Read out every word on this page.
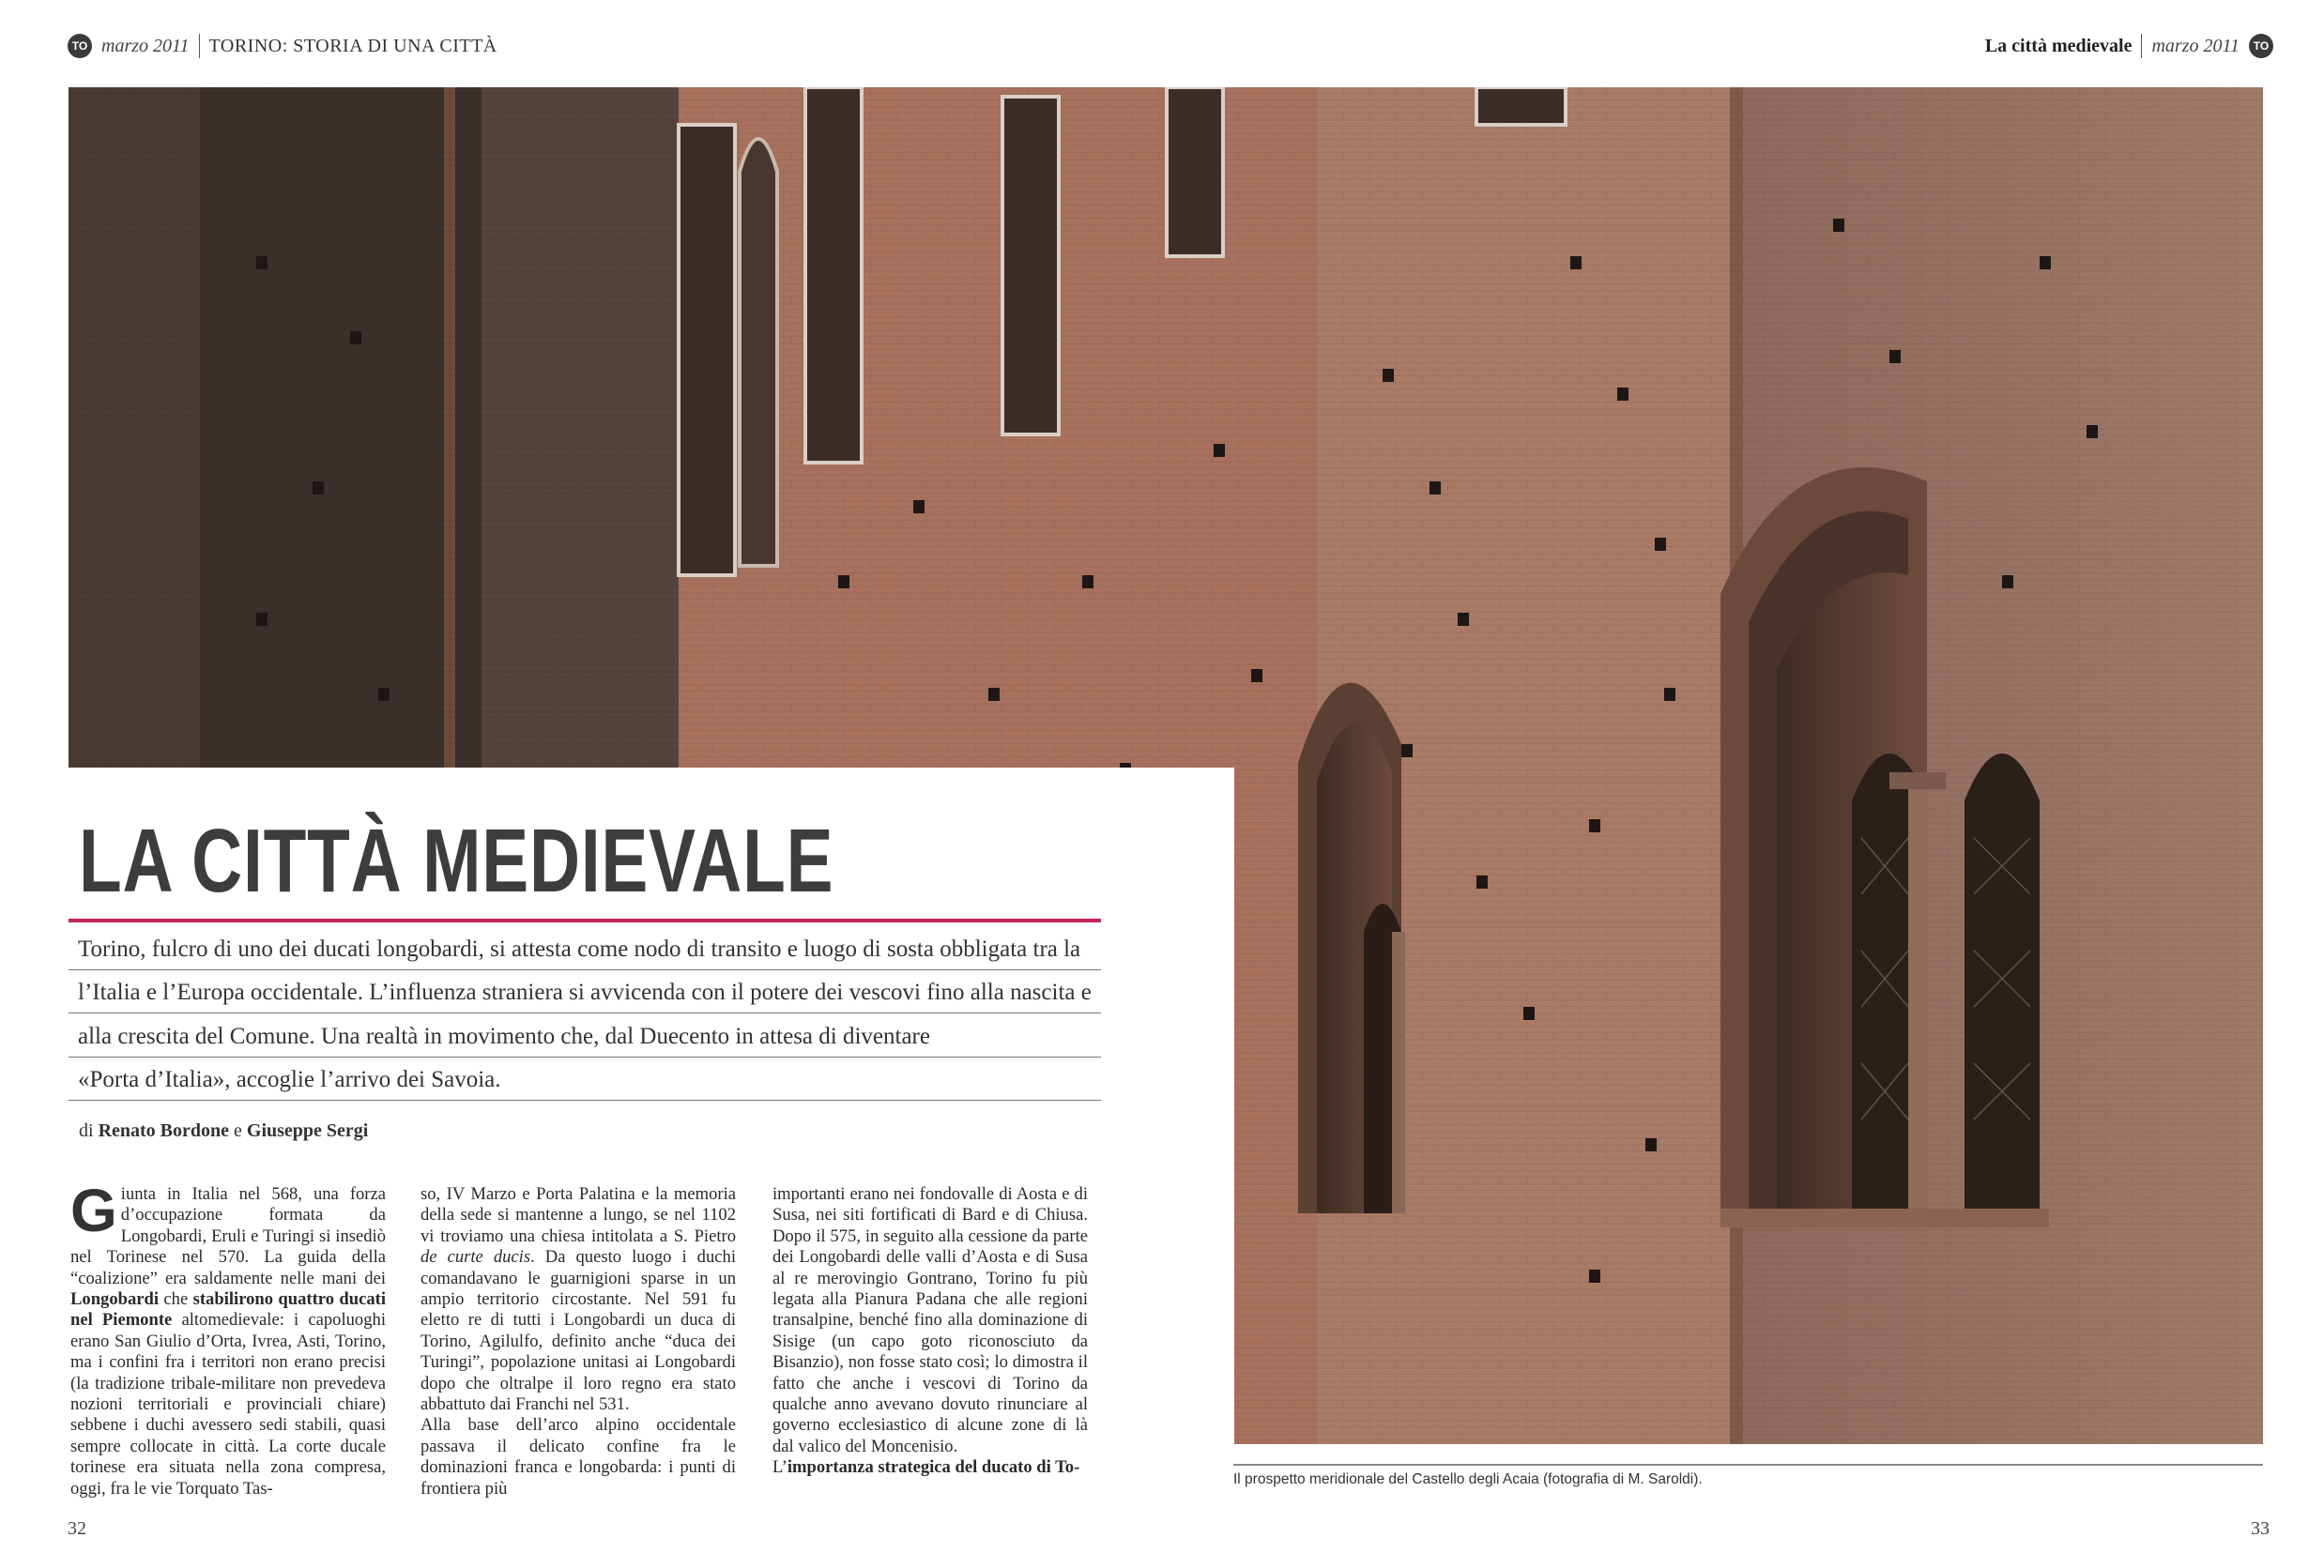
TO marzo 2011 TORINO: STORIA DI UNA CITTÀ	La città medievale marzo 2011	TO
LA CITTÀ MEDIEVALE
Torino, fulcro di uno dei ducati longobardi, si attesta come nodo di transito e luogo di sosta obbligata tra la
l’Italia e l’Europa occidentale. L’influenza straniera si avvicenda con il potere dei vescovi fino alla nascita e
alla crescita del Comune. Una realtà in movimento che, dal Duecento in attesa di diventare
«Porta d’Italia», accoglie l’arrivo dei Savoia.
di Renato Bordone e Giuseppe Sergi

Giunta in Italia nel 568, una forza d’occupazione formata da Longobardi, Eruli e Turingi si insediò nel Torinese nel 570. La guida della “coalizione” era saldamente nelle mani dei Longobardi che stabilirono quattro ducati nel Piemonte altomedievale: i capoluoghi erano San Giulio d’Orta, Ivrea, Asti, Torino, ma i confini fra i territori non erano precisi (la tradizione tribale-militare non prevedeva nozioni territoriali e provinciali chiare) sebbene i duchi avessero sedi stabili, quasi sempre collocate in città. La corte ducale torinese era situata nella zona compresa, oggi, fra le vie Torquato Tas-

so, IV Marzo e Porta Palatina e la memoria della sede si mantenne a lungo, se nel 1102 vi troviamo una chiesa intitolata a S. Pietro de curte ducis. Da questo luogo i duchi comandavano le guarnigioni sparse in un ampio territorio circostante. Nel 591 fu eletto re di tutti i Longobardi un duca di Torino, Agilulfo, definito anche “duca dei Turingi”, popolazione unitasi ai Longobardi dopo che oltralpe il loro regno era stato abbattuto dai Franchi nel 531.

Alla base dell’arco alpino occidentale passava il delicato confine fra le dominazioni franca e longobarda: i punti di frontiera più

importanti erano nei fondovalle di Aosta e di Susa, nei siti fortificati di Bard e di Chiusa. Dopo il 575, in seguito alla cessione da parte dei Longobardi delle valli d’Aosta e di Susa al re merovingio Gontrano, Torino fu più legata alla Pianura Padana che alle regioni transalpine, benché fino alla dominazione di Sisige (un capo goto riconosciuto da Bisanzio), non fosse stato così; lo dimostra il fatto che anche i vescovi di Torino da qualche anno avevano dovuto rinunciare al governo ecclesiastico di alcune zone di là dal valico del Moncenisio.

L’importanza strategica del ducato di To-

Il prospetto meridionale del Castello degli Acaia (fotografia di M. Saroldi).
32	33
